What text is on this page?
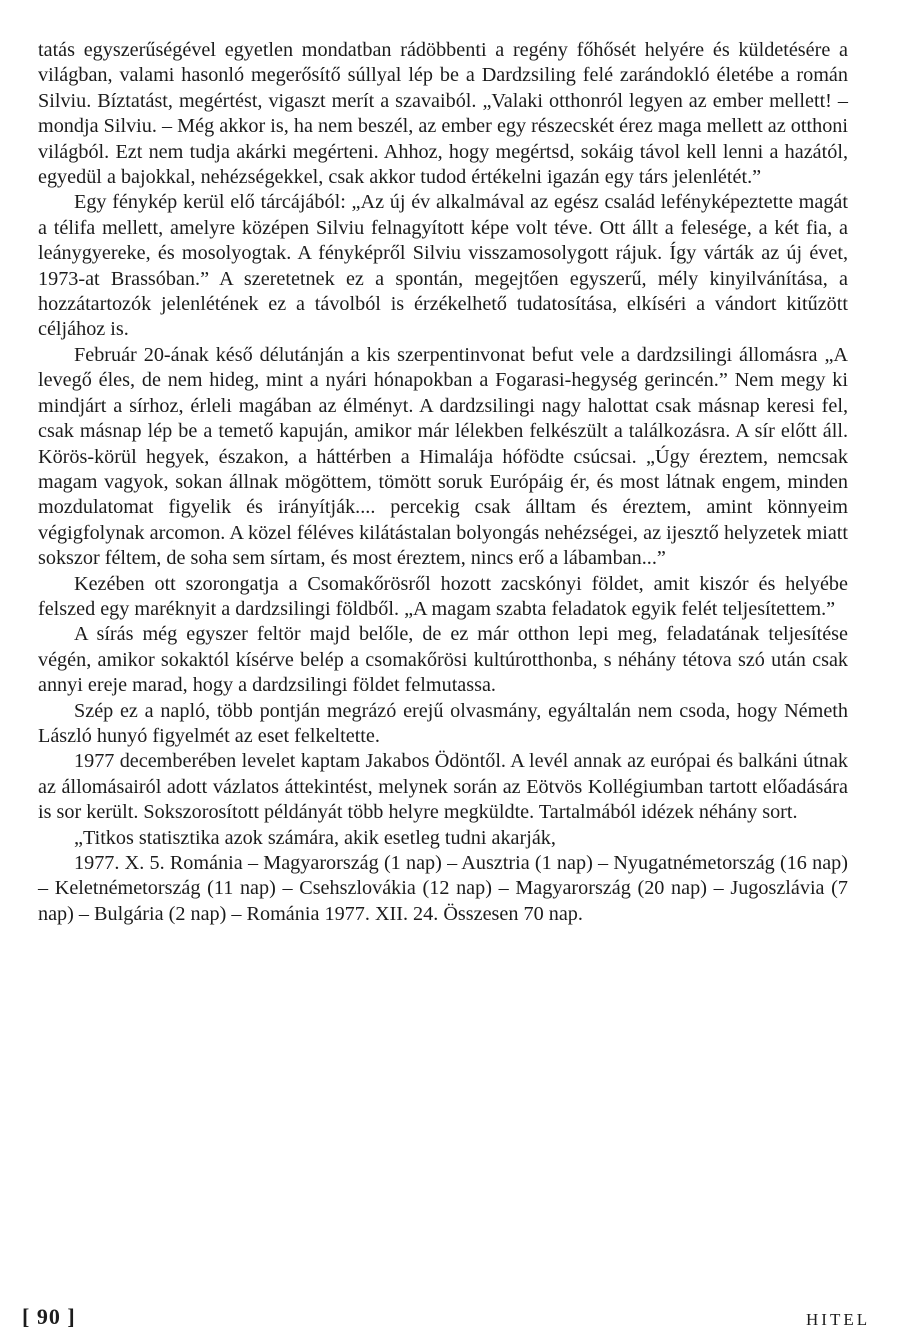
tatás egyszerűségével egyetlen mondatban rádöbbenti a regény főhősét helyére és küldetésére a világban, valami hasonló megerősítő súllyal lép be a Dardzsiling felé zarándokló életébe a román Silviu. Bíztatást, megértést, vigaszt merít a szavaiból. „Valaki otthonról legyen az ember mellett! – mondja Silviu. – Még akkor is, ha nem beszél, az ember egy részecskét érez maga mellett az otthoni világból. Ezt nem tudja akárki megérteni. Ahhoz, hogy megértsd, sokáig távol kell lenni a hazától, egyedül a bajokkal, nehézségekkel, csak akkor tudod értékelni igazán egy társ jelenlétét.”

Egy fénykép kerül elő tárcájából: „Az új év alkalmával az egész család lefényképeztette magát a télifa mellett, amelyre középen Silviu felnagyított képe volt téve. Ott állt a felesége, a két fia, a leánygyereke, és mosolyogtak. A fényképről Silviu visszamosolygott rájuk. Így várták az új évet, 1973-at Brassóban.” A szeretetnek ez a spontán, megejtően egyszerű, mély kinyilvánítása, a hozzátartozók jelenlétének ez a távolból is érzékelhető tudatosítása, elkíséri a vándort kitűzött céljához is.

Február 20-ának késő délutánján a kis szerpentinvonat befut vele a dardzsilingi állomásra „A levegő éles, de nem hideg, mint a nyári hónapokban a Fogarasi-hegység gerincén.” Nem megy ki mindjárt a sírhoz, érleli magában az élményt. A dardzsilingi nagy halottat csak másnap keresi fel, csak másnap lép be a temető kapuján, amikor már lélekben felkészült a találkozásra. A sír előtt áll. Körös-körül hegyek, északon, a háttérben a Himalája hófödte csúcsai. „Úgy éreztem, nemcsak magam vagyok, sokan állnak mögöttem, tömött soruk Európáig ér, és most látnak engem, minden mozdulatomat figyelik és irányítják.... percekig csak álltam és éreztem, amint könnyeim végigfolynak arcomon. A közel féléves kilátástalan bolyongás nehézségei, az ijesztő helyzetek miatt sokszor féltem, de soha sem sírtam, és most éreztem, nincs erő a lábamban...”

Kezében ott szorongatja a Csomakőrösről hozott zacskónyi földet, amit kiszór és helyébe felszed egy maréknyit a dardzsilingi földből. „A magam szabta feladatok egyik felét teljesítettem.”

A sírás még egyszer feltör majd belőle, de ez már otthon lepi meg, feladatának teljesítése végén, amikor sokaktól kísérve belép a csomakőrösi kultúrotthonba, s néhány tétova szó után csak annyi ereje marad, hogy a dardzsilingi földet felmutassa.

Szép ez a napló, több pontján megrázó erejű olvasmány, egyáltalán nem csoda, hogy Németh László hunyó figyelmét az eset felkeltette.

1977 decemberében levelet kaptam Jakabos Ödöntől. A levél annak az európai és balkáni útnak az állomásairól adott vázlatos áttekintést, melynek során az Eötvös Kollégiumban tartott előadására is sor került. Sokszorosított példányát több helyre megküldte. Tartalmából idézek néhány sort.

„Titkos statisztika azok számára, akik esetleg tudni akarják,

1977. X. 5. Románia – Magyarország (1 nap) – Ausztria (1 nap) – Nyugatnémetország (16 nap) – Keletnémetország (11 nap) – Csehszlovákia (12 nap) – Magyarország (20 nap) – Jugoszlávia (7 nap) – Bulgária (2 nap) – Románia 1977. XII. 24. Összesen 70 nap.

[ 90 ]	HITEL
